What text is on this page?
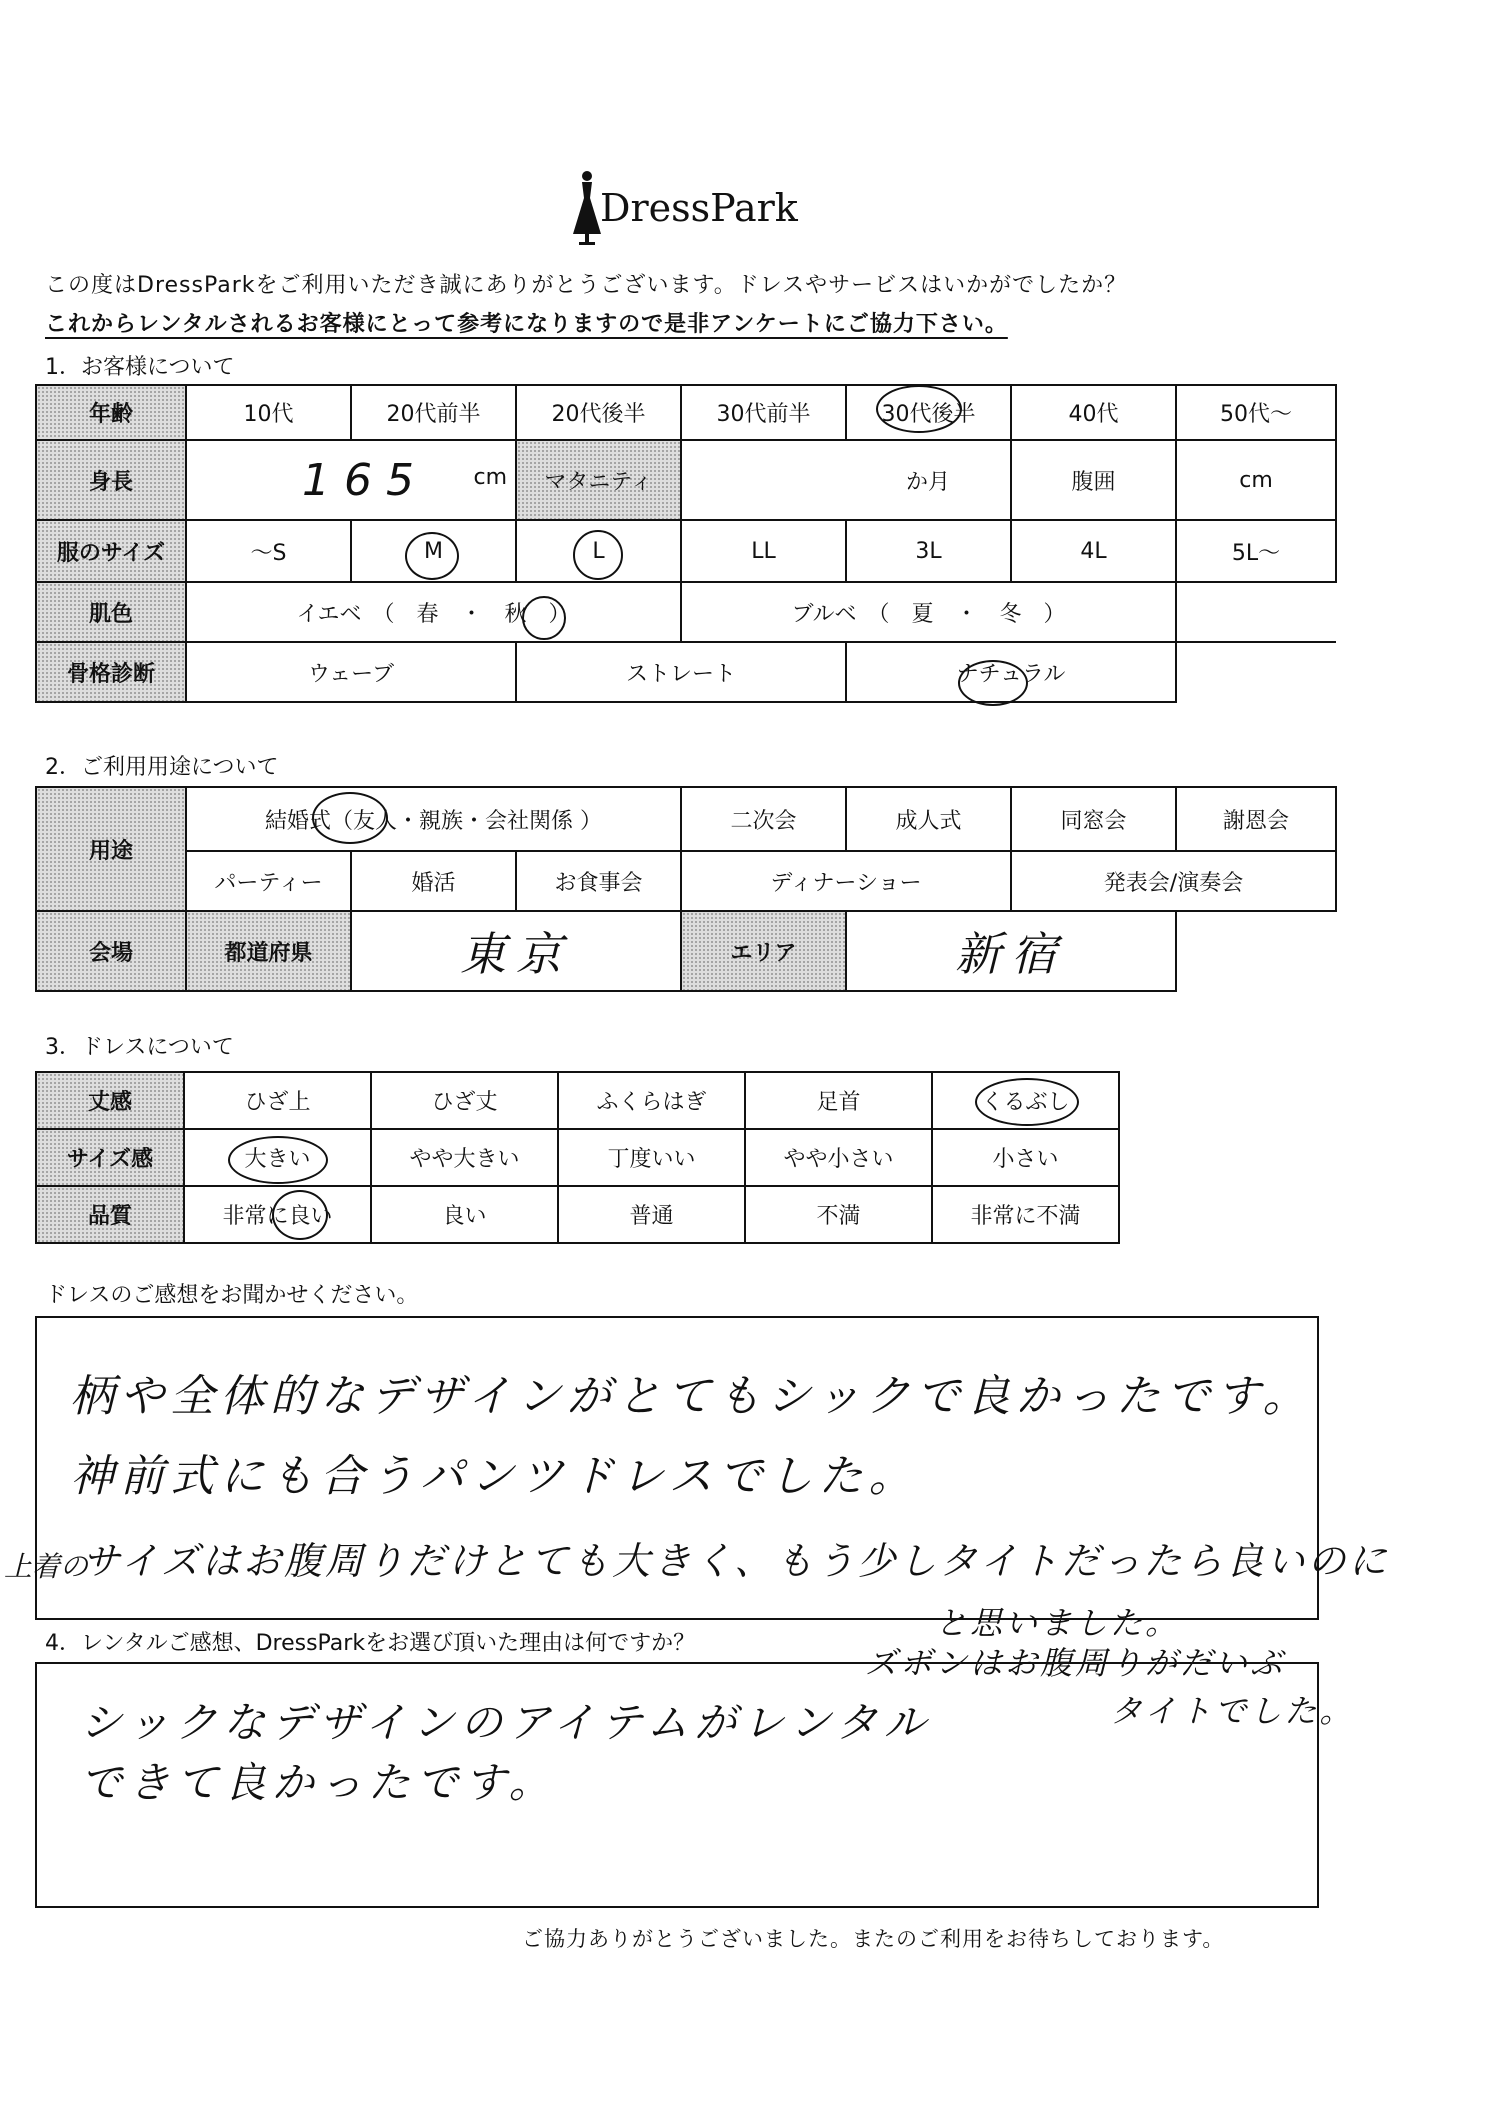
DressPark
この度はDressParkをご利用いただき誠にありがとうございます。ドレスやサービスはいかがでしたか？
これからレンタルされるお客様にとって参考になりますので是非アンケートにご協力下さい。
1．お客様について
年齢	10代	20代前半	20代後半	30代前半	30代後半	40代	50代～
身長	165 cm		マタニティ	か月		腹囲	cm
服のサイズ	～S	M	L	LL	3L	4L	5L～
肌色	イエベ　（　春　・　秋　）			ブルベ　（　夏　・　冬　）			
骨格診断	ウェーブ		ストレート		ナチュラル		
2．ご利用用途について
用途	結婚式（友人・親族・会社関係 ）			二次会	成人式	同窓会	謝恩会
	パーティー	婚活	お食事会	ディナーショー		発表会/演奏会	
会場	都道府県	東京		エリア	新宿		
3．ドレスについて
丈感	ひざ上	ひざ丈	ふくらはぎ	足首	くるぶし
サイズ感	大きい	やや大きい	丁度いい	やや小さい	小さい
品質	非常に良い	良い	普通	不満	非常に不満
ドレスのご感想をお聞かせください。
柄や全体的なデザインがとてもシックで良かったです。
神前式にも合うパンツドレスでした。
上着の
サイズはお腹周りだけとても大きく、もう少しタイトだったら良いのに
と思いました。
ズボンはお腹周りがだいぶ
タイトでした。
4．レンタルご感想、DressParkをお選び頂いた理由は何ですか？
シックなデザインのアイテムがレンタル
できて良かったです。
ご協力ありがとうございました。またのご利用をお待ちしております。
